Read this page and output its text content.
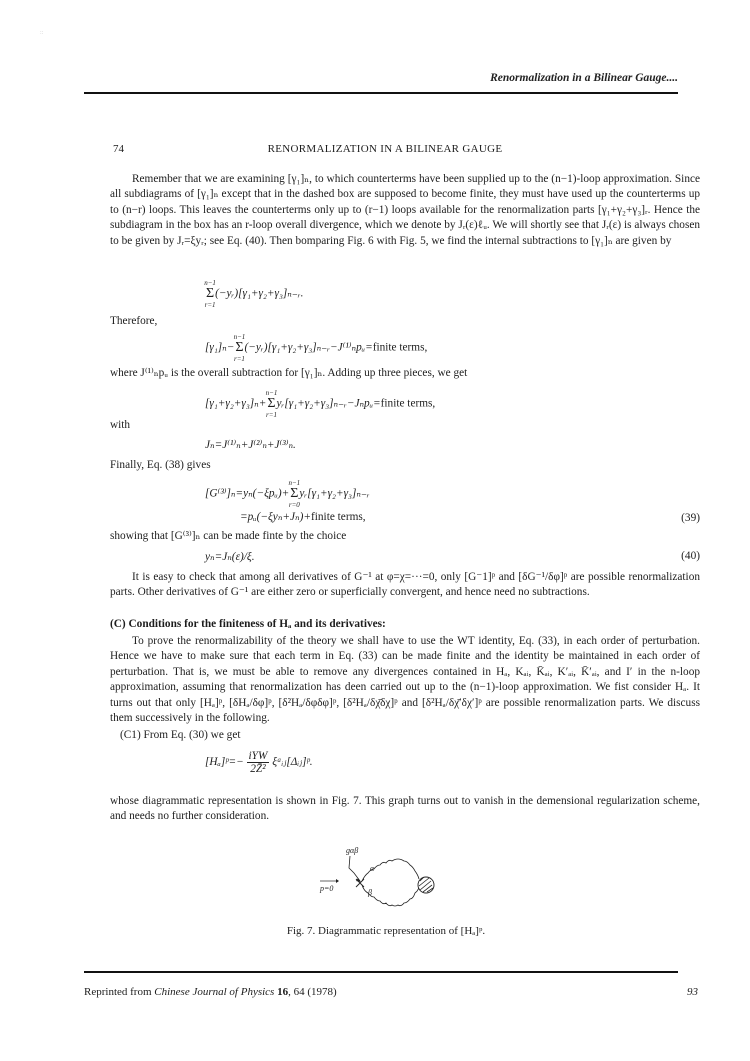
::
Renormalization in a Bilinear Gauge....
74	RENORMALIZATION IN A BILINEAR GAUGE

Remember that we are examining [γ₁]ₙ, to which counterterms have been supplied up to the (n−1)-loop approximation. Since all subdiagrams of [γ₁]ₙ except that in the dashed box are supposed to become finite, they must have used up the counterterms up to (n−r) loops. This leaves the counterterms only up to (r−1) loops available for the renormalization parts [γ₁+γ₂+γ₃]ᵣ. Hence the subdiagram in the box has an r-loop overall divergence, which we denote by Jᵣ(ε)ℓᵤ. We will shortly see that Jᵣ(ε) is always chosen to be given by Jᵣ=ξyᵣ; see Eq. (40). Then bomparing Fig. 6 with Fig. 5, we find the internal subtractions to [γ₁]ₙ are given by

Σ
n−1
r=1
(−yᵣ)[γ₁+γ₂+γ₃]ₙ₋ᵣ.

Therefore,

[γ₁]ₙ−Σ
n−1
r=1
(−yᵣ)[γ₁+γ₂+γ₃]ₙ₋ᵣ−J⁽¹⁾ₙpᵤ=finite terms,

where J⁽¹⁾ₙpᵤ is the overall subtraction for [γ₁]ₙ. Adding up three pieces, we get

[γ₁+γ₂+γ₃]ₙ+Σ
n−1
r=1
yᵣ[γ₁+γ₂+γ₃]ₙ₋ᵣ−Jₙpᵤ=finite terms,

with

Jₙ=J⁽¹⁾ₙ+J⁽²⁾ₙ+J⁽³⁾ₙ.

Finally, Eq. (38) gives

[G⁽³⁾]ₙ=yₙ(−ξpᵤ)+Σ
n−1
r=0
yᵣ[γ₁+γ₂+γ₃]ₙ₋ᵣ
=pᵤ(−ξyₙ+Jₙ)+finite terms,	(39)

showing that [G⁽³⁾]ₙ can be made finte by the choice

yₙ=Jₙ(ε)/ξ.	(40)

It is easy to check that among all derivatives of G⁻¹ at φ=χ=···=0, only [G⁻1]ᵖ and [δG⁻¹/δφ]ᵖ are possible renormalization parts. Other derivatives of G⁻¹ are either zero or superficially convergent, and hence need no subtractions.

(C) Conditions for the finiteness of Hₐ and its derivatives:

To prove the renormalizability of the theory we shall have to use the WT identity, Eq. (33), in each order of perturbation. Hence we have to make sure that each term in Eq. (33) can be made finite and the identity be maintained in each order of perturbation. That is, we must be able to remove any divergences contained in Hₐ, Kₐᵢ, K̄ₐᵢ, K′ₐᵢ, K̄′ₐᵢ, and I′ in the n-loop approximation, assuming that renormalization has deen carried out up to the (n−1)-loop approximation. We fist consider Hₐ. It turns out that only [Hₐ]ᵖ, [δHₐ/δφ]ᵖ, [δ²Hₐ/δφδφ]ᵖ, [δ²Hₐ/δχ̄δχ]ᵖ and [δ²Hₐ/δχ̄′δχ′]ᵖ are possible renormalization parts. We discuss them successively in the following.

(C1) From Eq. (30) we get

[Hₐ]ᵖ=− $\frac{\text{iYW}}{\text{2Z̄²}}$ ξᵃᵢⱼ[Δᵢⱼ]ᵖ.

whose diagrammatic representation is shown in Fig. 7. This graph turns out to vanish in the demensional regularization scheme, and needs no further consideration.

gαβ
α
β
p=0
Fig. 7. Diagrammatic representation of [Hₐ]ᵖ.
Reprinted from Chinese Journal of Physics 16, 64 (1978)	93
